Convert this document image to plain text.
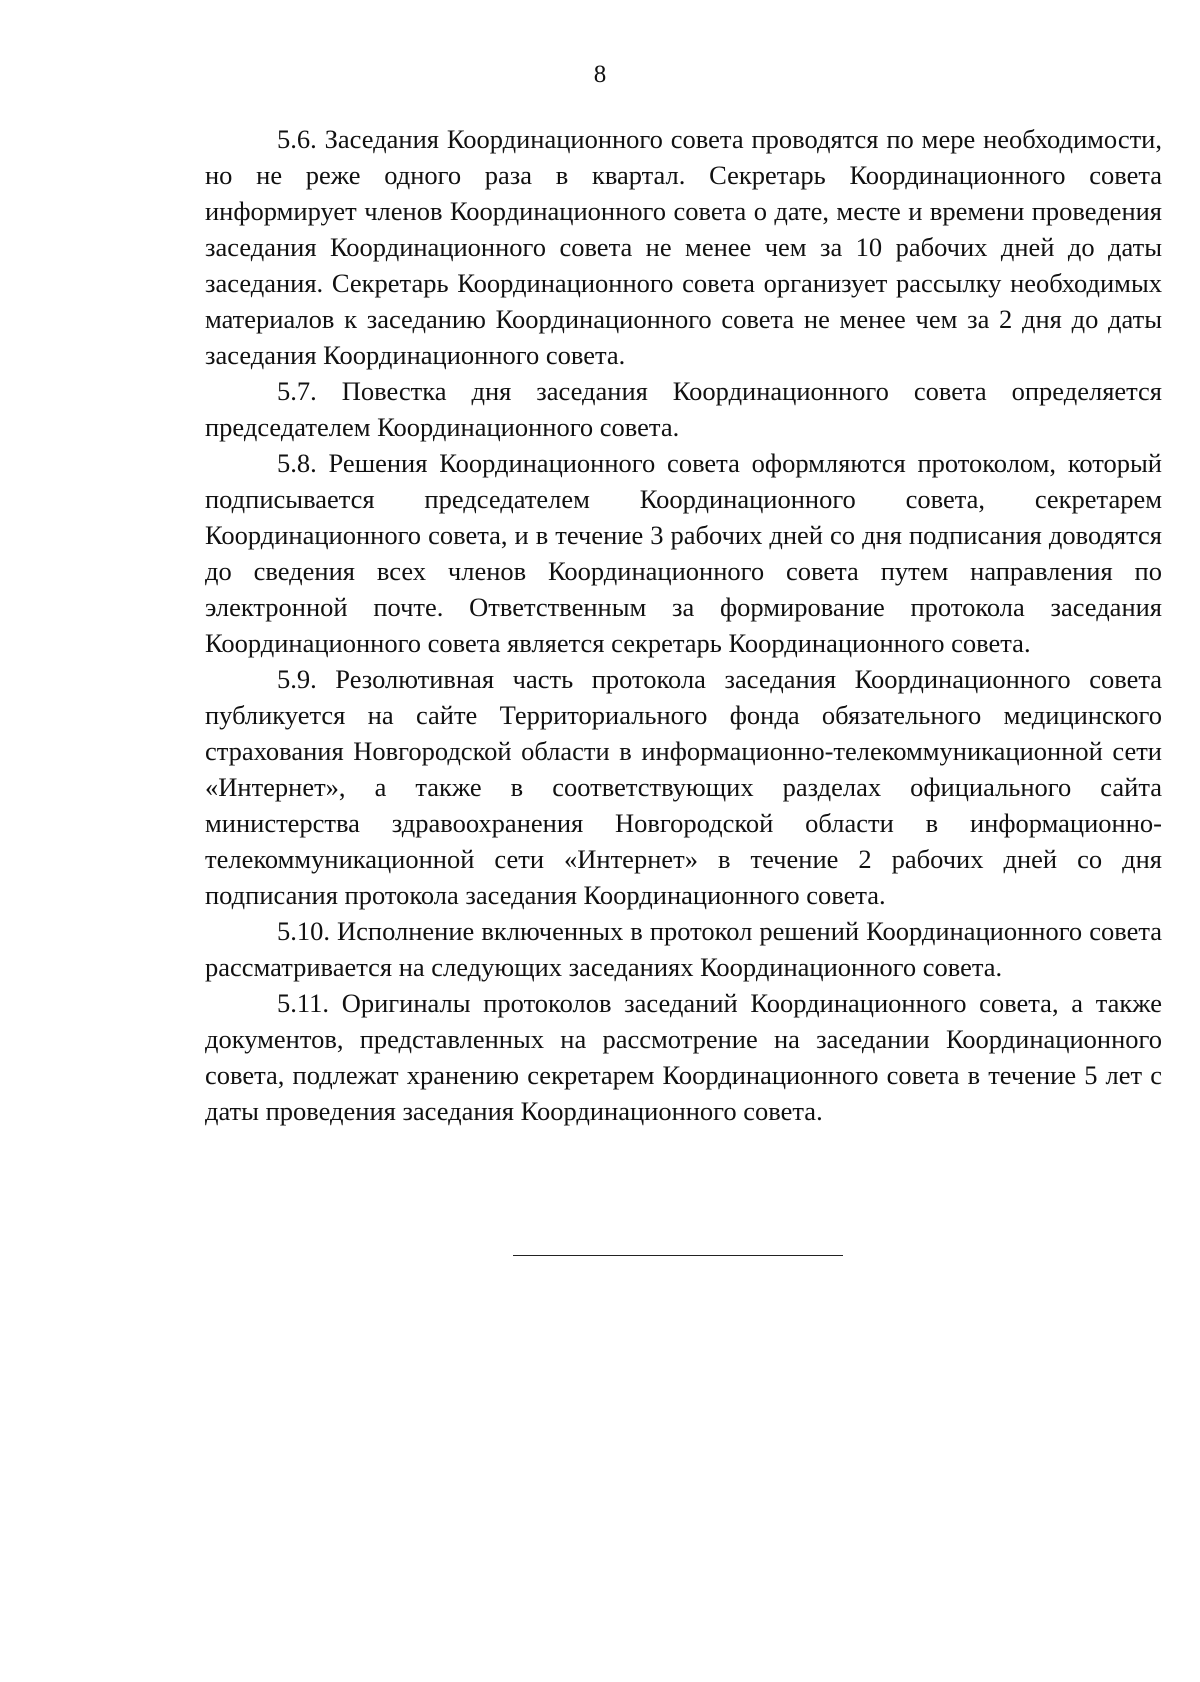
8

5.6. Заседания Координационного совета проводятся по мере необходимости, но не реже одного раза в квартал. Секретарь Координационного совета информирует членов Координационного совета о дате, месте и времени проведения заседания Координационного совета не менее чем за 10 рабочих дней до даты заседания. Секретарь Координационного совета организует рассылку необходимых материалов к заседанию Координационного совета не менее чем за 2 дня до даты заседания Координационного совета.

5.7. Повестка дня заседания Координационного совета определяется председателем Координационного совета.

5.8. Решения Координационного совета оформляются протоколом, который подписывается председателем Координационного совета, секретарем Координационного совета, и в течение 3 рабочих дней со дня подписания доводятся до сведения всех членов Координационного совета путем направления по электронной почте. Ответственным за формирование протокола заседания Координационного совета является секретарь Координационного совета.

5.9. Резолютивная часть протокола заседания Координационного совета публикуется на сайте Территориального фонда обязательного медицинского страхования Новгородской области в информационно-телекоммуникационной сети «Интернет», а также в соответствующих разделах официального сайта министерства здравоохранения Новгородской области в информационно-телекоммуникационной сети «Интернет» в течение 2 рабочих дней со дня подписания протокола заседания Координационного совета.

5.10. Исполнение включенных в протокол решений Координационного совета рассматривается на следующих заседаниях Координационного совета.

5.11. Оригиналы протоколов заседаний Координационного совета, а также документов, представленных на рассмотрение на заседании Координационного совета, подлежат хранению секретарем Координационного совета в течение 5 лет с даты проведения заседания Координационного совета.
